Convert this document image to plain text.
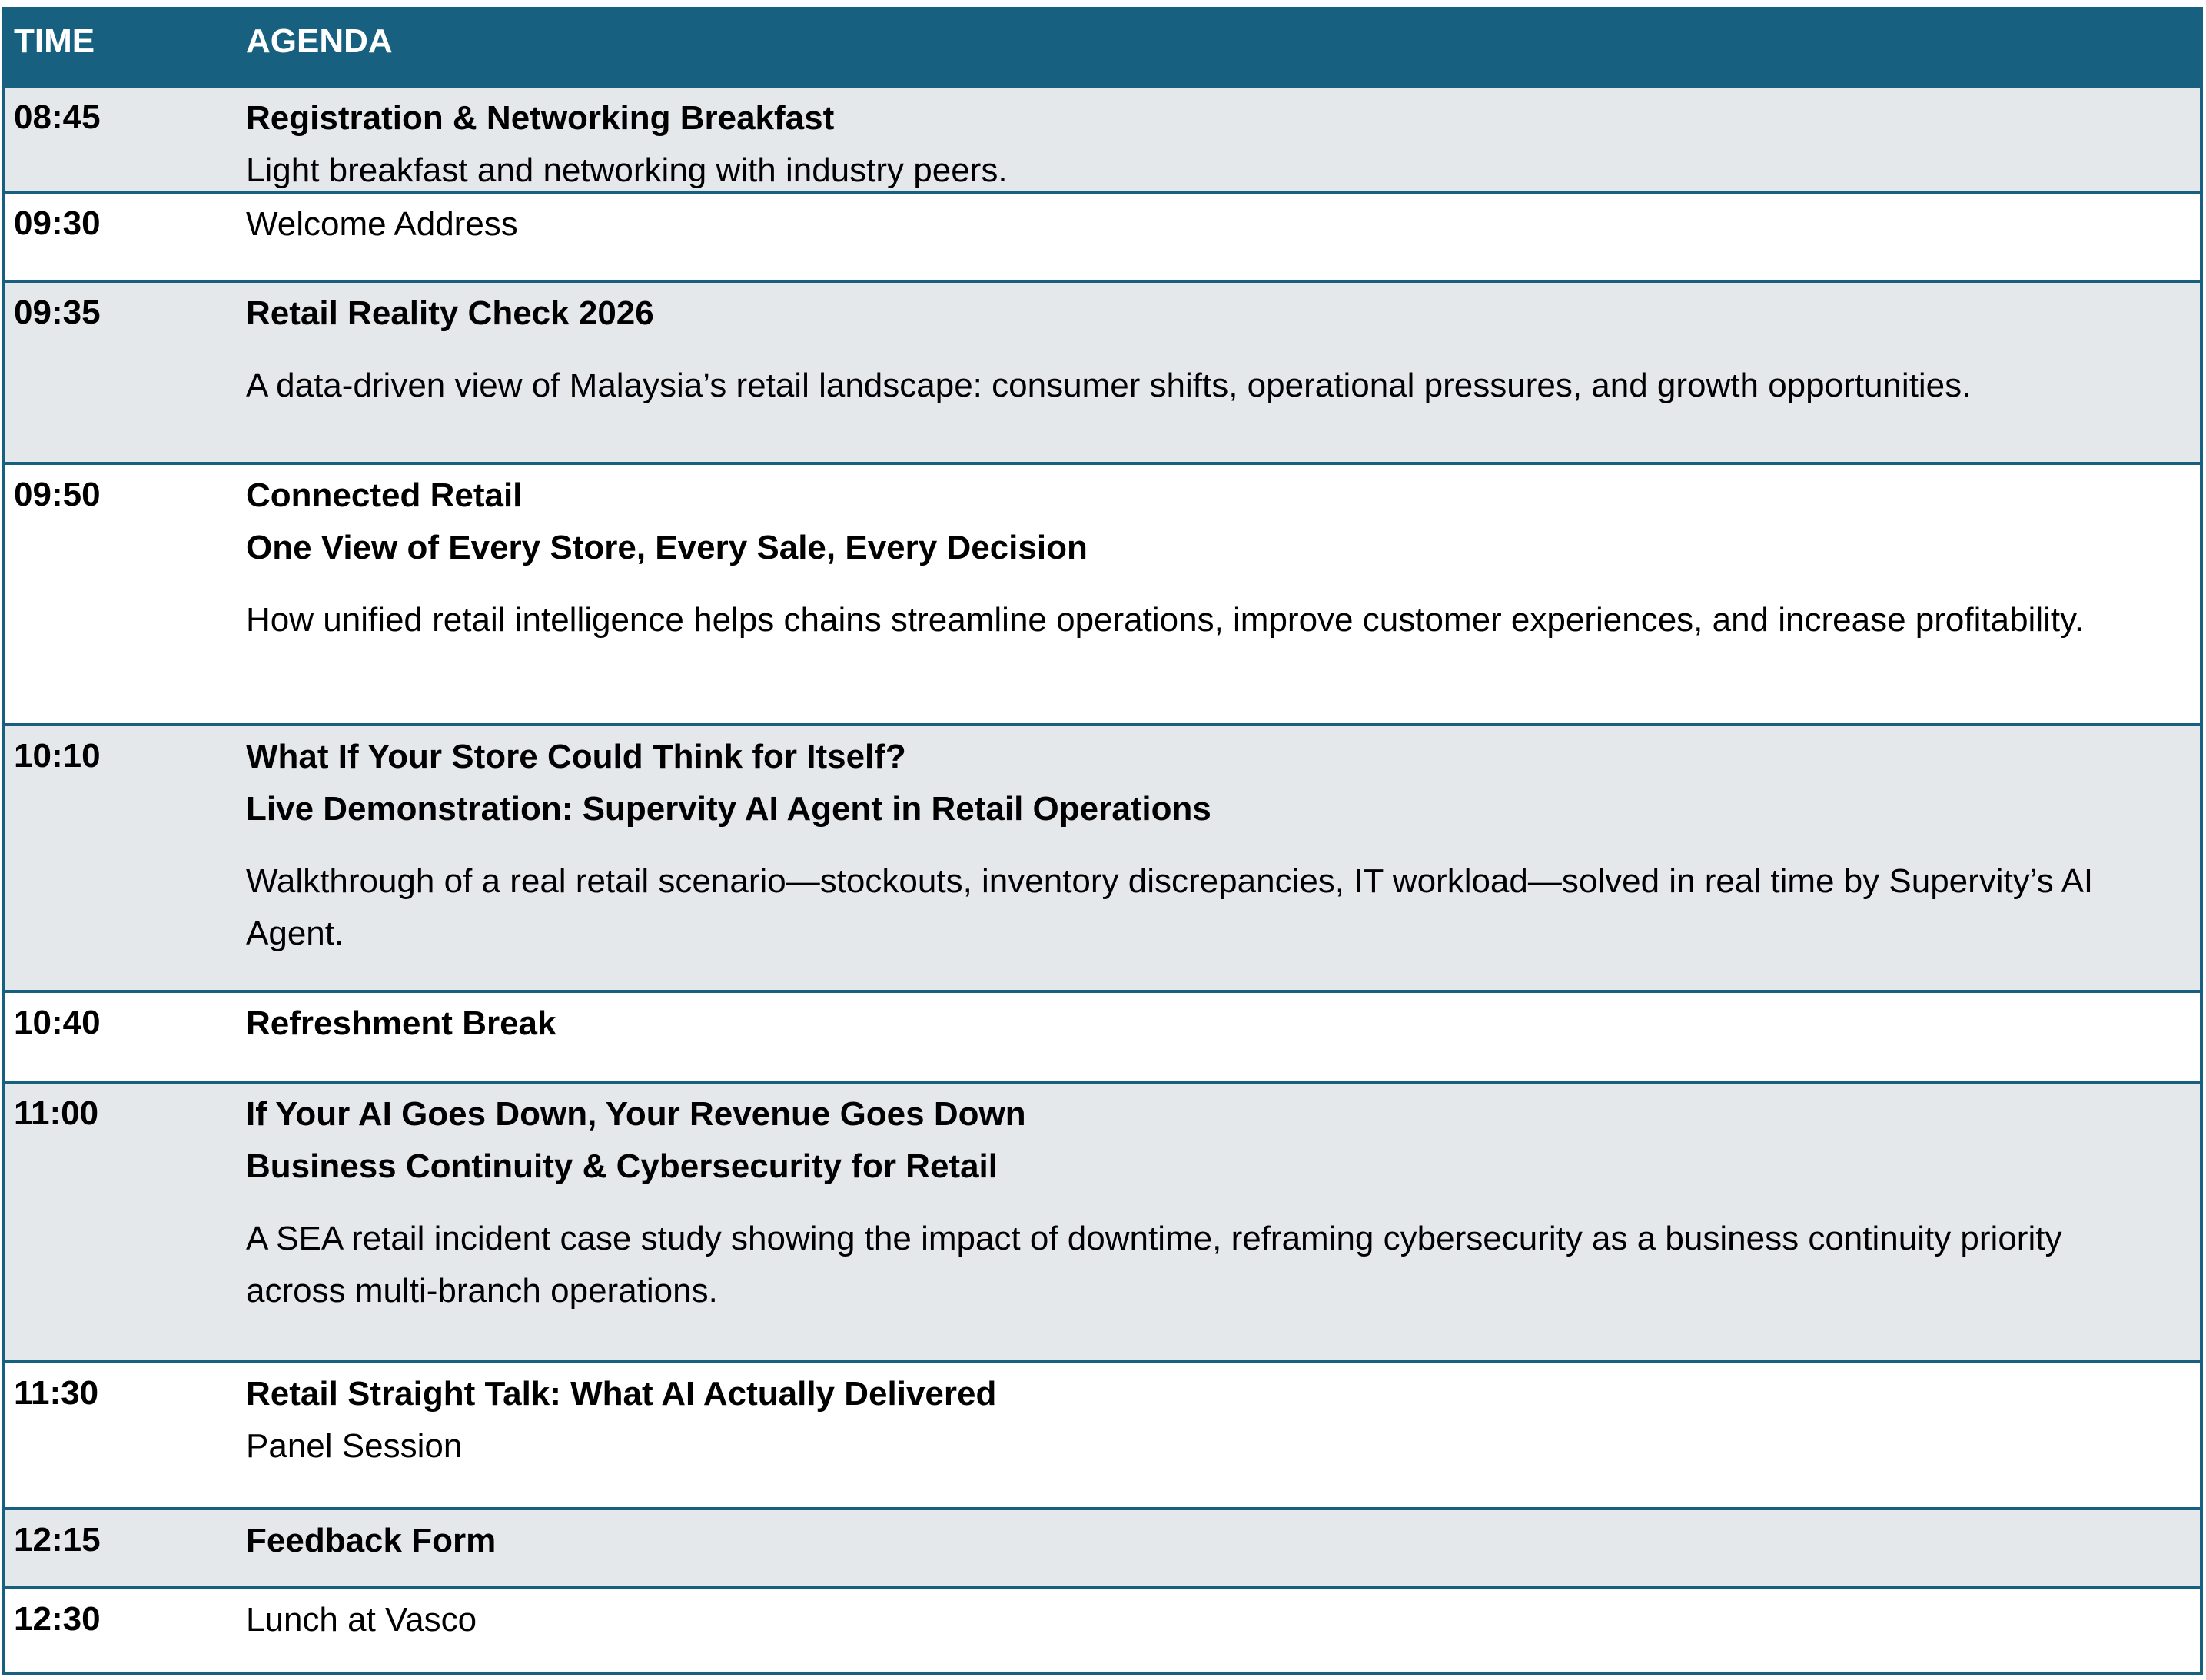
TIME	AGENDA
08:45	Registration & Networking Breakfast
Light breakfast and networking with industry peers.
09:30	Welcome Address
09:35	Retail Reality Check 2026
A data-driven view of Malaysia’s retail landscape: consumer shifts, operational pressures, and growth opportunities.
09:50	Connected Retail
One View of Every Store, Every Sale, Every Decision
How unified retail intelligence helps chains streamline operations, improve customer experiences, and increase profitability.
10:10	What If Your Store Could Think for Itself?
Live Demonstration: Supervity AI Agent in Retail Operations
Walkthrough of a real retail scenario—stockouts, inventory discrepancies, IT workload—solved in real time by Supervity’s AI Agent.
10:40	Refreshment Break
11:00	If Your AI Goes Down, Your Revenue Goes Down
Business Continuity & Cybersecurity for Retail
A SEA retail incident case study showing the impact of downtime, reframing cybersecurity as a business continuity priority across multi-branch operations.
11:30	Retail Straight Talk: What AI Actually Delivered
Panel Session
12:15	Feedback Form
12:30	Lunch at Vasco
